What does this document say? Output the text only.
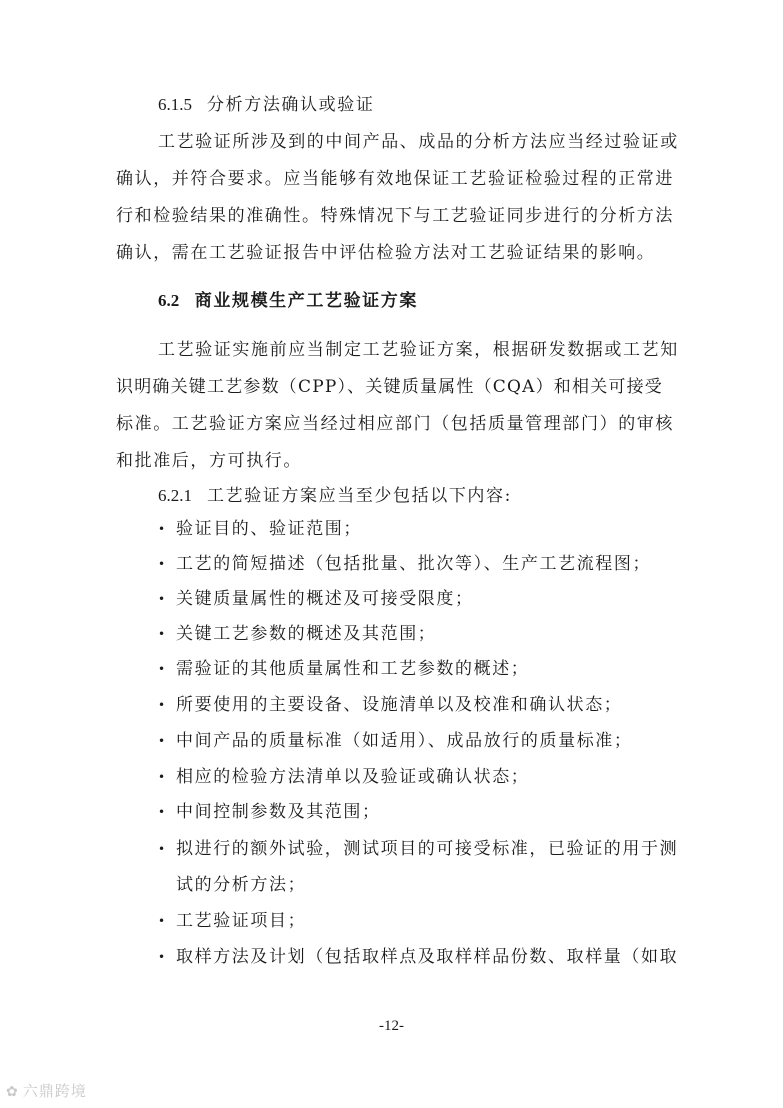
6.1.5 分析方法确认或验证
工艺验证所涉及到的中间产品、成品的分析方法应当经过验证或
确认，并符合要求。应当能够有效地保证工艺验证检验过程的正常进
行和检验结果的准确性。特殊情况下与工艺验证同步进行的分析方法
确认，需在工艺验证报告中评估检验方法对工艺验证结果的影响。
6.2 商业规模生产工艺验证方案
工艺验证实施前应当制定工艺验证方案，根据研发数据或工艺知
识明确关键工艺参数（CPP）、关键质量属性（CQA）和相关可接受
标准。工艺验证方案应当经过相应部门（包括质量管理部门）的审核
和批准后，方可执行。
6.2.1 工艺验证方案应当至少包括以下内容:
• 验证目的、验证范围；
• 工艺的简短描述（包括批量、批次等）、生产工艺流程图；
• 关键质量属性的概述及可接受限度；
• 关键工艺参数的概述及其范围；
• 需验证的其他质量属性和工艺参数的概述；
• 所要使用的主要设备、设施清单以及校准和确认状态；
• 中间产品的质量标准（如适用）、成品放行的质量标准；
• 相应的检验方法清单以及验证或确认状态；
• 中间控制参数及其范围；
• 拟进行的额外试验，测试项目的可接受标准，已验证的用于测
试的分析方法；
• 工艺验证项目；
• 取样方法及计划（包括取样点及取样样品份数、取样量（如取
-12-
✿ 六鼎跨境
